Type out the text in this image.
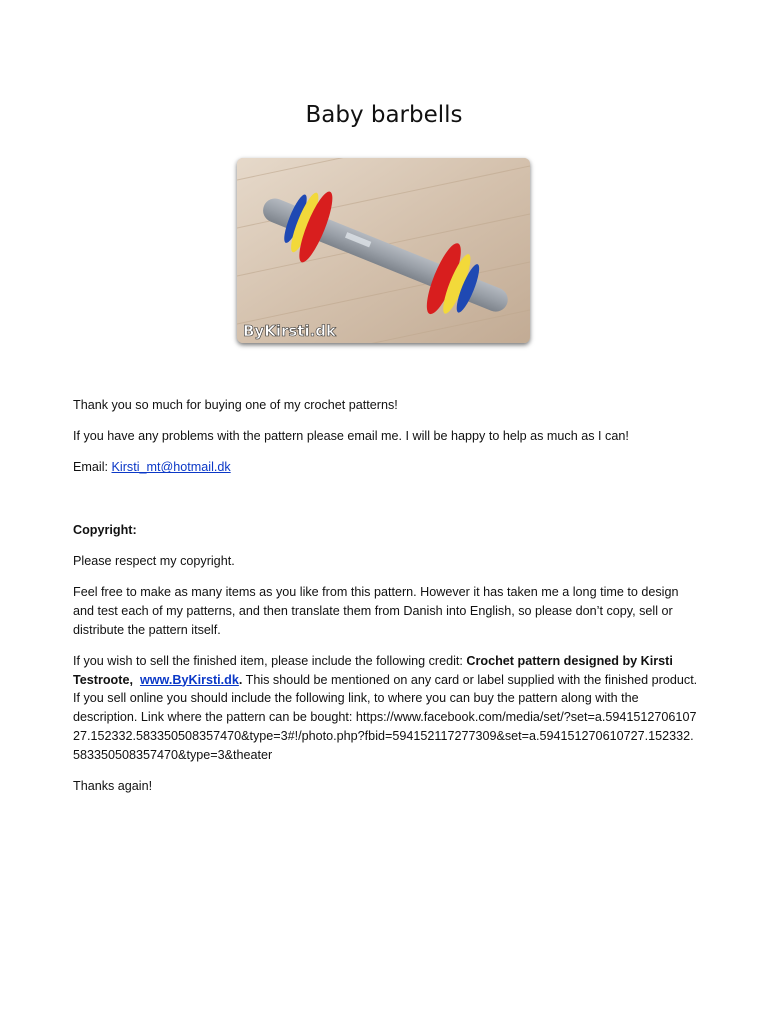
Baby barbells
ByKirsti.dk

Thank you so much for buying one of my crochet patterns!

If you have any problems with the pattern please email me. I will be happy to help as much as I can!

Email: Kirsti_mt@hotmail.dk

Copyright:

Please respect my copyright.

Feel free to make as many items as you like from this pattern. However it has taken me a long time to design and test each of my patterns, and then translate them from Danish into English, so please don’t copy, sell or distribute the pattern itself.

If you wish to sell the finished item, please include the following credit: Crochet pattern designed by Kirsti Testroote, www.ByKirsti.dk. This should be mentioned on any card or label supplied with the finished product. If you sell online you should include the following link, to where you can buy the pattern along with the description. Link where the pattern can be bought: https://www.facebook.com/media/set/?set=a.594151270610727.152332.583350508357470&type=3#!/photo.php?fbid=594152117277309&set=a.594151270610727.152332.583350508357470&type=3&theater

Thanks again!
